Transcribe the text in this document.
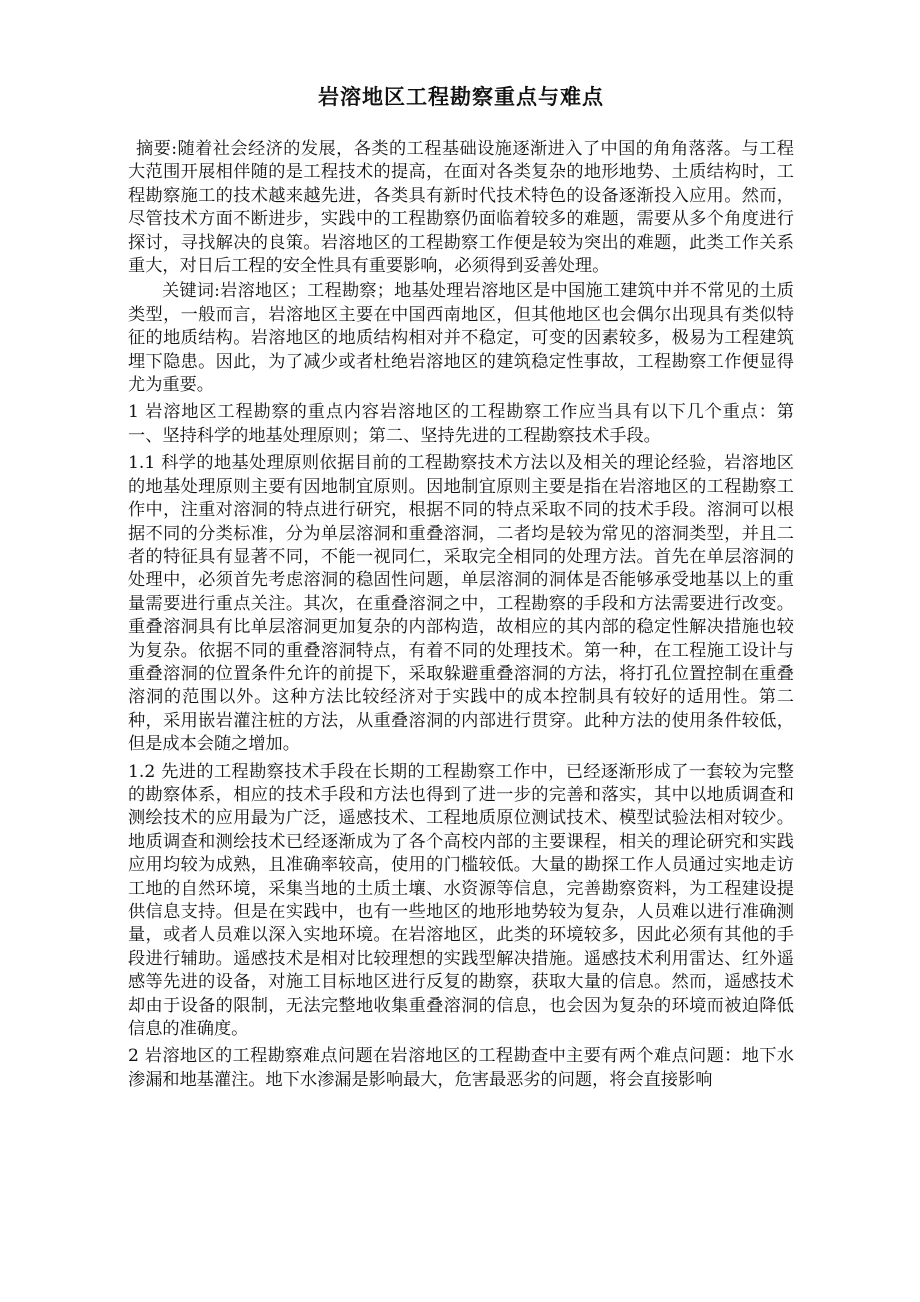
岩溶地区工程勘察重点与难点

摘要:随着社会经济的发展，各类的工程基础设施逐渐进入了中国的角角落落。与工程大范围开展相伴随的是工程技术的提高，在面对各类复杂的地形地势、土质结构时，工程勘察施工的技术越来越先进，各类具有新时代技术特色的设备逐渐投入应用。然而，尽管技术方面不断进步，实践中的工程勘察仍面临着较多的难题，需要从多个角度进行探讨，寻找解决的良策。岩溶地区的工程勘察工作便是较为突出的难题，此类工作关系重大，对日后工程的安全性具有重要影响，必须得到妥善处理。

关键词:岩溶地区；工程勘察；地基处理岩溶地区是中国施工建筑中并不常见的土质类型，一般而言，岩溶地区主要在中国西南地区，但其他地区也会偶尔出现具有类似特征的地质结构。岩溶地区的地质结构相对并不稳定，可变的因素较多，极易为工程建筑埋下隐患。因此，为了减少或者杜绝岩溶地区的建筑稳定性事故，工程勘察工作便显得尤为重要。

1 岩溶地区工程勘察的重点内容岩溶地区的工程勘察工作应当具有以下几个重点：第一、坚持科学的地基处理原则；第二、坚持先进的工程勘察技术手段。

1.1 科学的地基处理原则依据目前的工程勘察技术方法以及相关的理论经验，岩溶地区的地基处理原则主要有因地制宜原则。因地制宜原则主要是指在岩溶地区的工程勘察工作中，注重对溶洞的特点进行研究，根据不同的特点采取不同的技术手段。溶洞可以根据不同的分类标准，分为单层溶洞和重叠溶洞，二者均是较为常见的溶洞类型，并且二者的特征具有显著不同，不能一视同仁，采取完全相同的处理方法。首先在单层溶洞的处理中，必须首先考虑溶洞的稳固性问题，单层溶洞的洞体是否能够承受地基以上的重量需要进行重点关注。其次，在重叠溶洞之中，工程勘察的手段和方法需要进行改变。重叠溶洞具有比单层溶洞更加复杂的内部构造，故相应的其内部的稳定性解决措施也较为复杂。依据不同的重叠溶洞特点，有着不同的处理技术。第一种，在工程施工设计与重叠溶洞的位置条件允许的前提下，采取躲避重叠溶洞的方法，将打孔位置控制在重叠溶洞的范围以外。这种方法比较经济对于实践中的成本控制具有较好的适用性。第二种，采用嵌岩灌注桩的方法，从重叠溶洞的内部进行贯穿。此种方法的使用条件较低，但是成本会随之增加。

1.2 先进的工程勘察技术手段在长期的工程勘察工作中，已经逐渐形成了一套较为完整的勘察体系，相应的技术手段和方法也得到了进一步的完善和落实，其中以地质调查和测绘技术的应用最为广泛，遥感技术、工程地质原位测试技术、模型试验法相对较少。地质调查和测绘技术已经逐渐成为了各个高校内部的主要课程，相关的理论研究和实践应用均较为成熟，且准确率较高，使用的门槛较低。大量的勘探工作人员通过实地走访工地的自然环境，采集当地的土质土壤、水资源等信息，完善勘察资料，为工程建设提供信息支持。但是在实践中，也有一些地区的地形地势较为复杂，人员难以进行准确测量，或者人员难以深入实地环境。在岩溶地区，此类的环境较多，因此必须有其他的手段进行辅助。遥感技术是相对比较理想的实践型解决措施。遥感技术利用雷达、红外遥感等先进的设备，对施工目标地区进行反复的勘察，获取大量的信息。然而，遥感技术却由于设备的限制，无法完整地收集重叠溶洞的信息，也会因为复杂的环境而被迫降低信息的准确度。

2 岩溶地区的工程勘察难点问题在岩溶地区的工程勘查中主要有两个难点问题：地下水渗漏和地基灌注。地下水渗漏是影响最大，危害最恶劣的问题，将会直接影响
